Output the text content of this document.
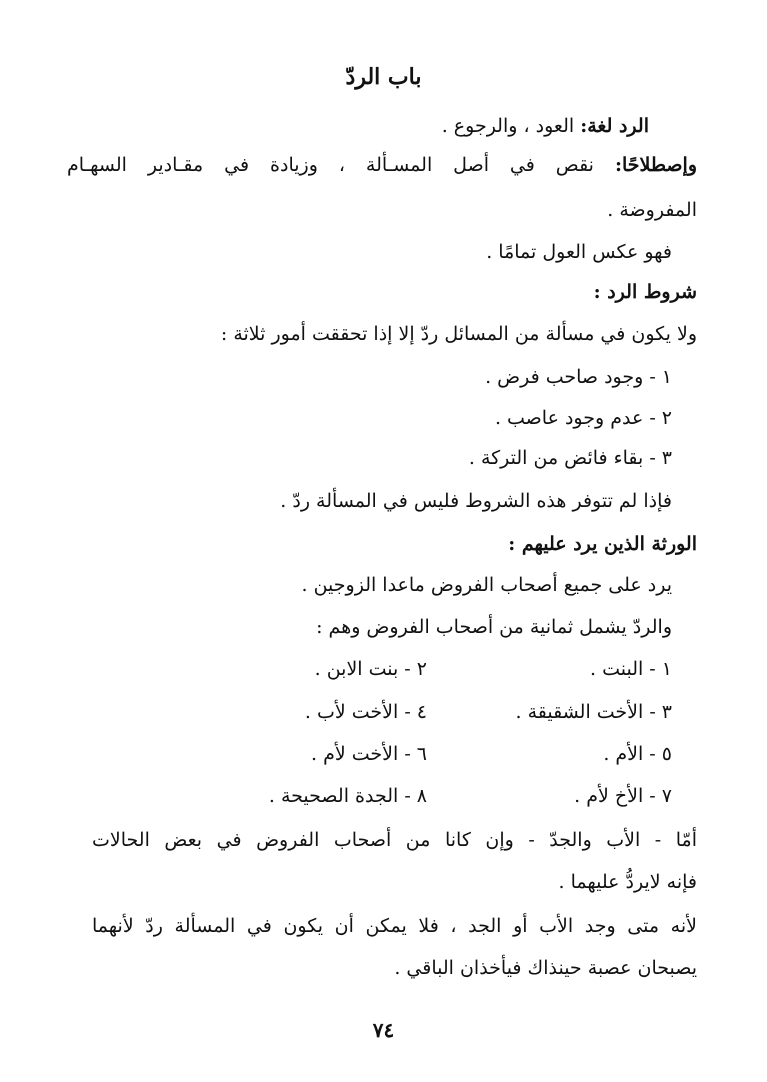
باب الردّ
الرد لغة: العود ، والرجوع .
وإصطلاحًا: نقص في أصل المسـألة ، وزيادة في مقـادير السهـام
المفروضة .
فهو عكس العول تمامًا .
شروط الرد :
ولا يكون في مسألة من المسائل ردّ إلا إذا تحققت أمور ثلاثة :
١ - وجود صاحب فرض .
٢ - عدم وجود عاصب .
٣ - بقاء فائض من التركة .
فإذا لم تتوفر هذه الشروط فليس في المسألة ردّ .
الورثة الذين يرد عليهم :
يرد على جميع أصحاب الفروض ماعدا الزوجين .
والردّ يشمل ثمانية من أصحاب الفروض وهم :
١ - البنت .
٢ - بنت الابن .
٣ - الأخت الشقيقة .
٤ - الأخت لأب .
٥ - الأم .
٦ - الأخت لأم .
٧ - الأخ لأم .
٨ - الجدة الصحيحة .
أمّا - الأب والجدّ - وإن كانا من أصحاب الفروض في بعض الحالات
فإنه لايردُّ عليهما .
لأنه متى وجد الأب أو الجد ، فلا يمكن أن يكون في المسألة ردّ لأنهما
يصبحان عصبة حينذاك فيأخذان الباقي .
٧٤
